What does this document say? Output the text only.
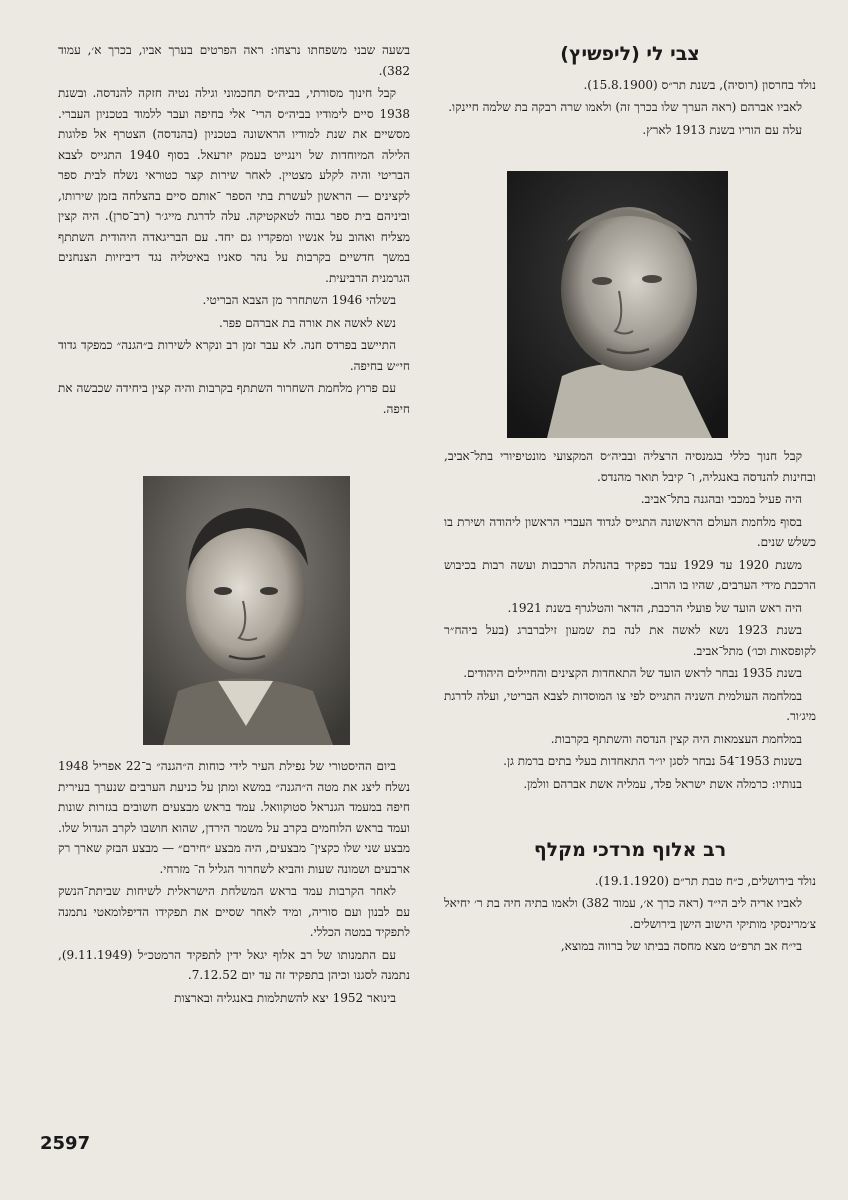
צבי לי (ליפשיץ)

נולד בחרסון (רוסיה), בשנת תר״ס (15.8.1900).

לאביו אברהם (ראה הערך שלו בכרך זה) ולאמו שרה רבקה בת שלמה חיינקו.

עלה עם הוריו בשנת 1913 לארץ.

קבל חנוך כללי בגמנסיה הרצליה ובביה״ס המקצועי מונטיפיורי בתל־אביב, ובחינות להנדסה באנגליה, ו־ קיבל תואר מהנדס.

היה פעיל במכבי ובהגנה בתל־אביב.

בסוף מלחמת העולם הראשונה התגייס לגדוד העברי הראשון ליהודה ושירת בו כשלש שנים.

משנת 1920 עד 1929 עבד כפקיד בהנהלת הרכבות ועשה רבות בכיבוש הרכבת מידי הערבים, שהיו בו הרוב.

היה ראש הועד של פועלי הרכבת, הדאר והטלגרף בשנת 1921.

בשנת 1923 נשא לאשה את לנה בת שמעון זילברברג (בעל ביהח״ר לקופסאות וכו׳) מתל־אביב.

בשנת 1935 נבחר לראש הועד של התאחדות הקצינים והחיילים היהודים.

במלחמה העולמית השניה התגייס לפי צו המוסדות לצבא הבריטי, ועלה לדרגת מיג׳ור.

במלחמת העצמאות היה קצין הנדסה והשתתף בקרבות.

בשנות 1953־54 נבחר לסגן יו״ר התאחדות בעלי בתים ברמת גן.

בנותיו: כרמלה אשת ישראל פלד, עמליה אשת אברהם וולמן.

רב אלוף מרדכי מקלף

נולד בירושלים, כ״ח טבת תר״ם (19.1.1920).

לאביו אריה ליב הי״ד (ראה כרך א׳, עמוד 382) ולאמו בתיה חיה בת ר׳ יחיאל צ׳מרינסקי מותיקי הישוב הישן בירושלים.

בי״ח אב תרפ״ט מצא מחסה בביתו של ברווה במוצא,

בשעה שבני משפחתו נרצחו: ראה הפרטים בערך אביו, בכרך א׳, עמוד 382).

קבל חינוך מסורתי, בביה״ס תחכמוני וגילה נטיה חזקה להנדסה. ובשנת 1938 סיים לימודיו בביה״ס הרי־ אלי בחיפה ועבר ללמוד בטכניון העברי. מסשיים את שנת למודיו הראשונה בטכניון (בהנדסה) הצטרף אל פלוגות הלילה המיוחדות של וינגייט בעמק יזרעאל. בסוף 1940 התגייס לצבא הבריטי והיה לקלע מצטיין. לאחר שירות קצר כטוראי נשלח לבית ספר לקצינים — הראשון לעשרת בתי הספר ־אותם סיים בהצלחה בזמן שירותו, וביניהם בית ספר גבוה לטאקטיקה. עלה לדרגת מייג׳ר (רב־סרן). היה קצין מצליח ואהוב על אנשיו ומפקדיו גם יחד. עם הבריגאדה היהודית השתתף במשך חדשיים בקרבות על נהר סאניו באיטליה נגד דיביזיות הצנחנים הגרמנית הרביעית.

בשלהי 1946 השתחרר מן הצבא הבריטי.

נשא לאשה את אורה בת אברהם פפר.

התיישב בפרדס חנה. לא עבר זמן רב ונקרא לשירות ב״הגנה״ כמפקד גדוד חי״ש בחיפה.

עם פרוץ מלחמת השחרור השתתף בקרבות והיה קצין ביחידה שכבשה את חיפה.

ביום ההיסטורי של נפילת העיר לידי כוחות ה״הגנה״ ב־22 אפריל 1948 נשלח ליצג את מטה ה״הגנה״ במשא ומתן על כניעת הערבים שנערך בעירית חיפה במעמד הגנראל סטוקוואל. עמד בראש מבצעים חשובים בגזרות שונות ועמד בראש הלוחמים בקרב על משמר הירדן, שהוא חושבו לקרב הגדול שלו. מבצע שני שלו כקצין־ מבצעים, היה מבצע ״חירם״ — מבצע הבזק שארך רק ארבעים ושמונה שעות והביא לשחרור הגליל ה־ מזרחי.

לאחר הקרבות עמד בראש המשלחת הישראלית לשיחות שביתת־הנשק עם לבנון ועם סוריה, ומיד לאחר שסיים את תפקידו הדיפלומאטי נתמנה לתפקיד במטה הכללי.

עם התמנותו של רב אלוף יגאל ידין לתפקיד הרמטכ״ל (9.11.1949), נתמנה לסגנו וכיהן בתפקיד זה עד יום 7.12.52.

בינואר 1952 יצא להשתלמות באנגליה ובארצות

2597
